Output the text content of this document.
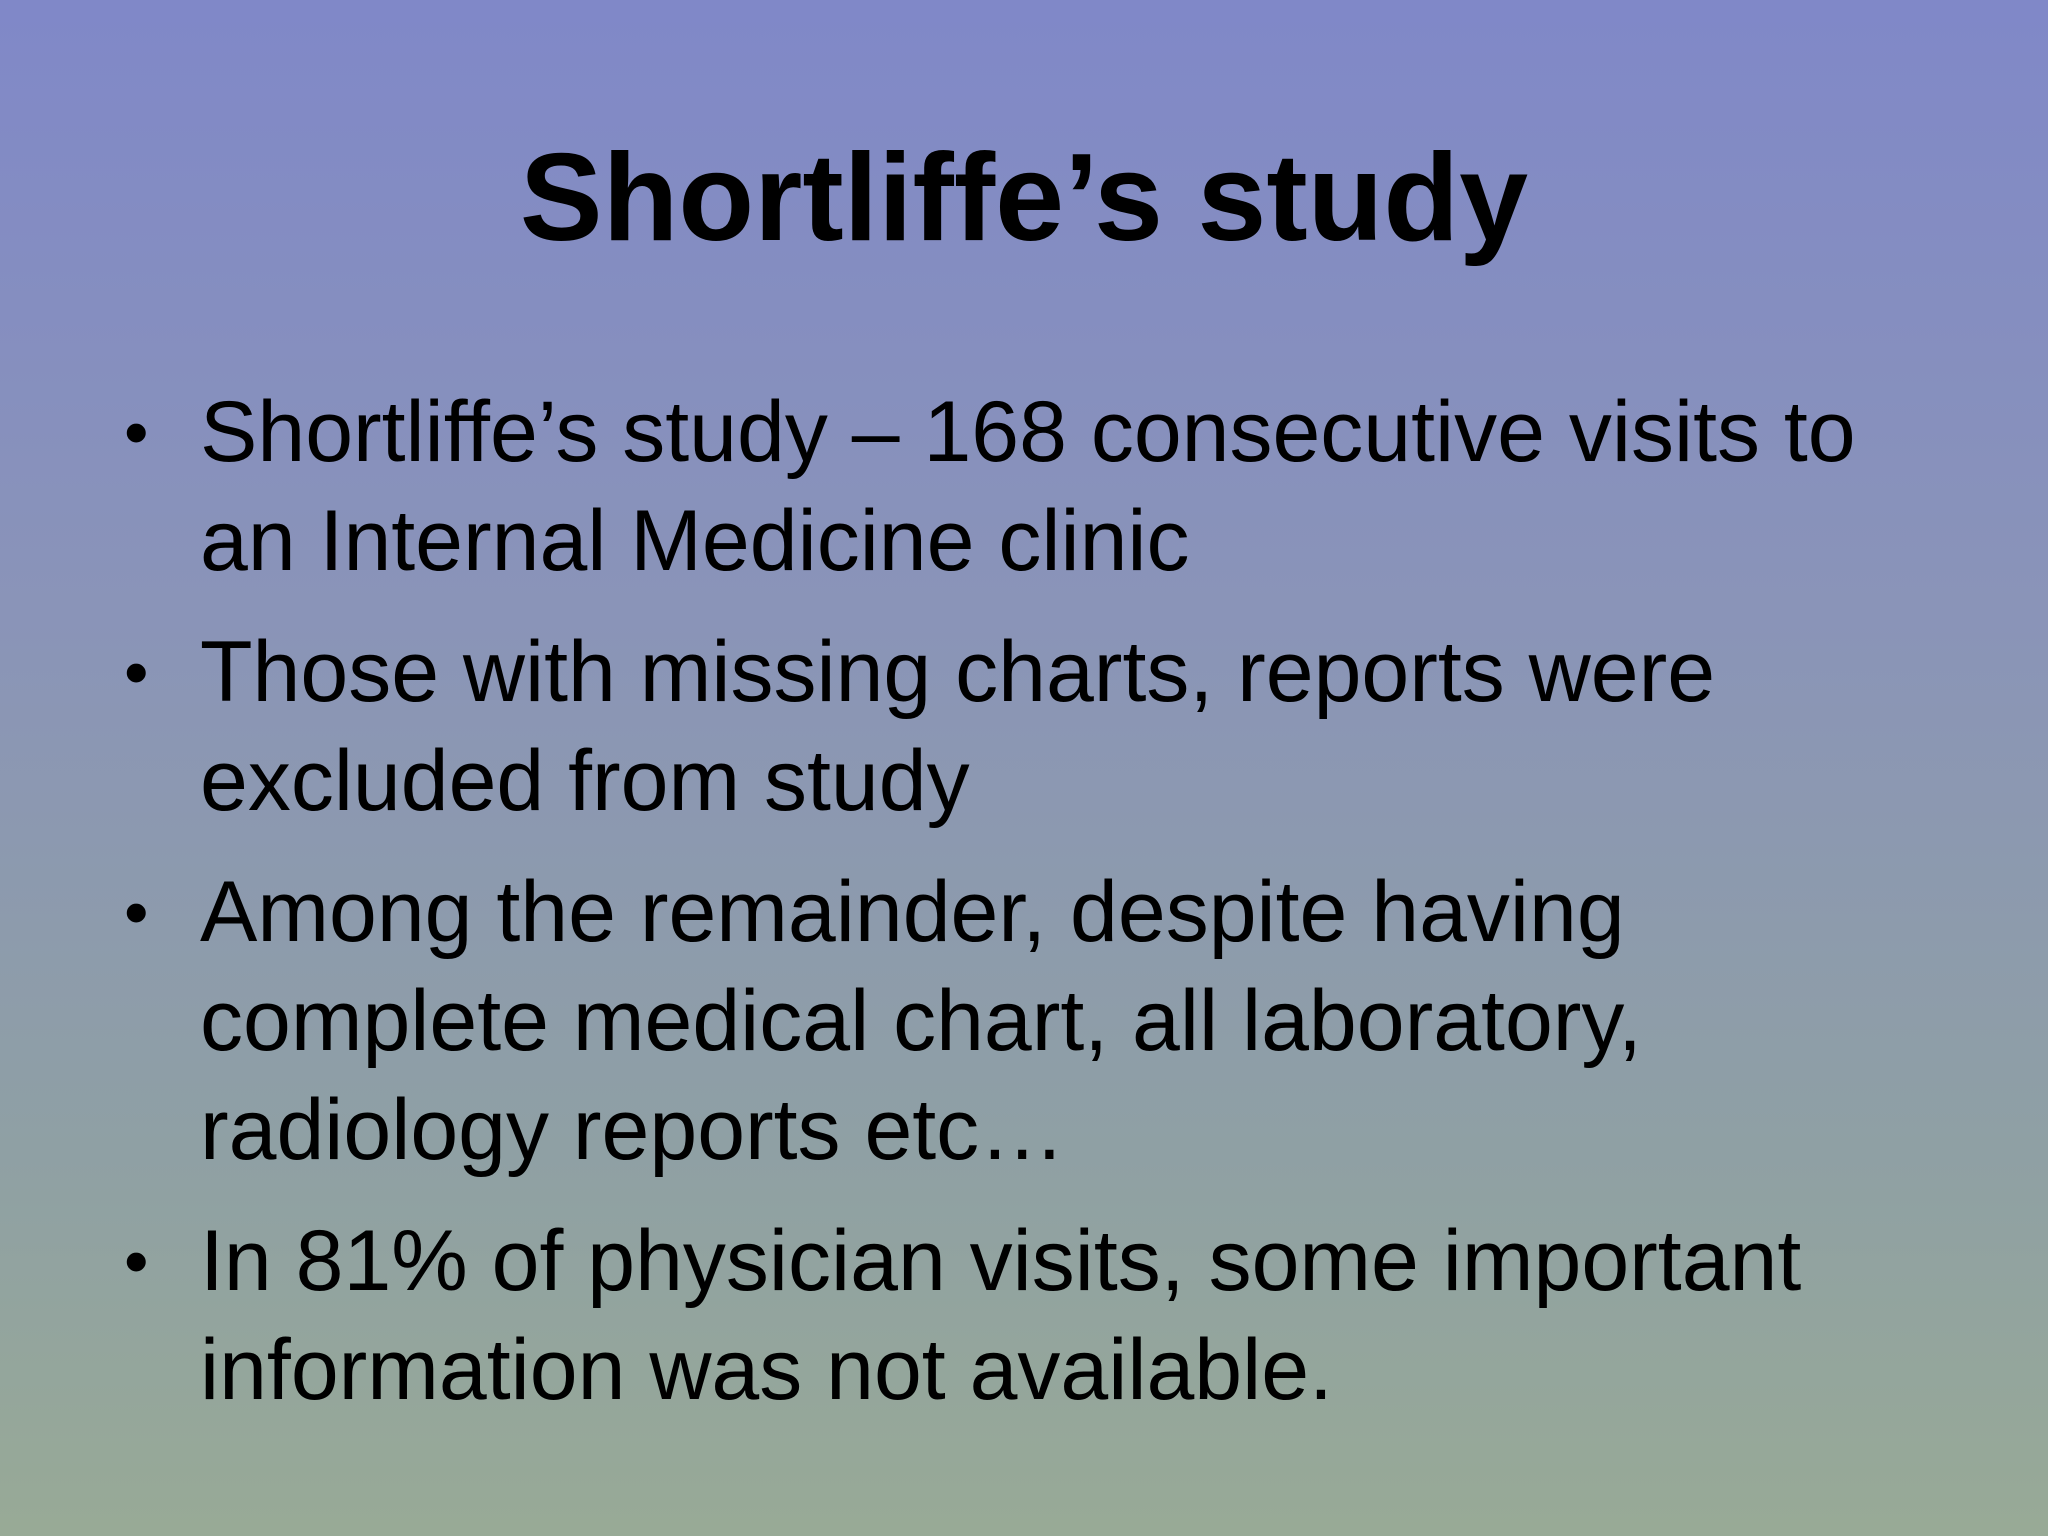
Shortliffe’s study
• Shortliffe’s study – 168 consecutive visits to
an Internal Medicine clinic
• Those with missing charts, reports were
excluded from study
• Among the remainder, despite having
complete medical chart, all laboratory,
radiology reports etc…
• In 81% of physician visits, some important
information was not available.
